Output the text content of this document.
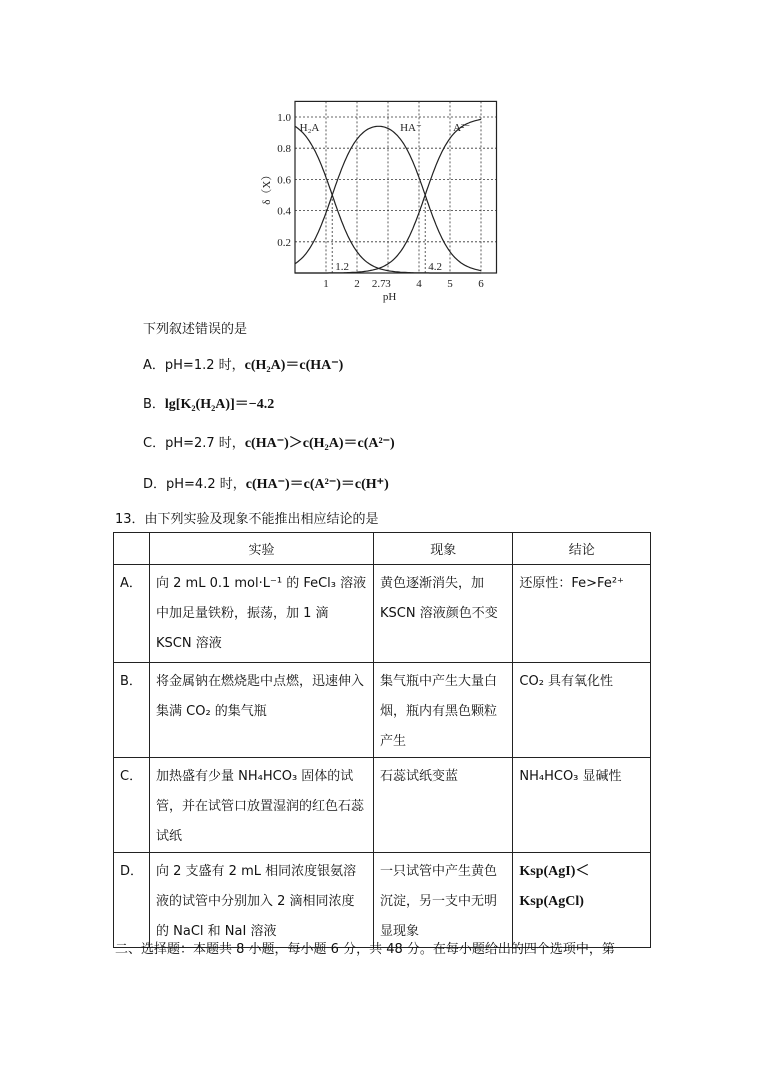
0.2
0.4
0.6
0.8
1.0
1 2 2.7 3 4 5 6
1.2	4.2
H₂A	HA⁻	A²⁻
pH
δ（X）
下列叙述错误的是
A．pH=1.2 时，c(H₂A)＝c(HA⁻)
B．lg[K₂(H₂A)]＝−4.2
C．pH=2.7 时，c(HA⁻)＞c(H₂A)＝c(A²⁻)
D．pH=4.2 时，c(HA⁻)＝c(A²⁻)＝c(H⁺)
13．由下列实验及现象不能推出相应结论的是
	实验	现象	结论
A．	向 2 mL 0.1 mol·L⁻¹ 的 FeCl₃ 溶液中加足量铁粉，振荡，加 1 滴 KSCN 溶液	黄色逐渐消失，加 KSCN 溶液颜色不变	还原性：Fe>Fe²⁺
B．	将金属钠在燃烧匙中点燃，迅速伸入集满 CO₂ 的集气瓶	集气瓶中产生大量白烟，瓶内有黑色颗粒产生	CO₂ 具有氧化性
C．	加热盛有少量 NH₄HCO₃ 固体的试管，并在试管口放置湿润的红色石蕊试纸	石蕊试纸变蓝	NH₄HCO₃ 显碱性
D．	向 2 支盛有 2 mL 相同浓度银氨溶液的试管中分别加入 2 滴相同浓度的 NaCl 和 NaI 溶液	一只试管中产生黄色沉淀，另一支中无明显现象	Ksp(AgI)＜Ksp(AgCl)
二、选择题：本题共 8 小题，每小题 6 分，共 48 分。在每小题给出的四个选项中，第
